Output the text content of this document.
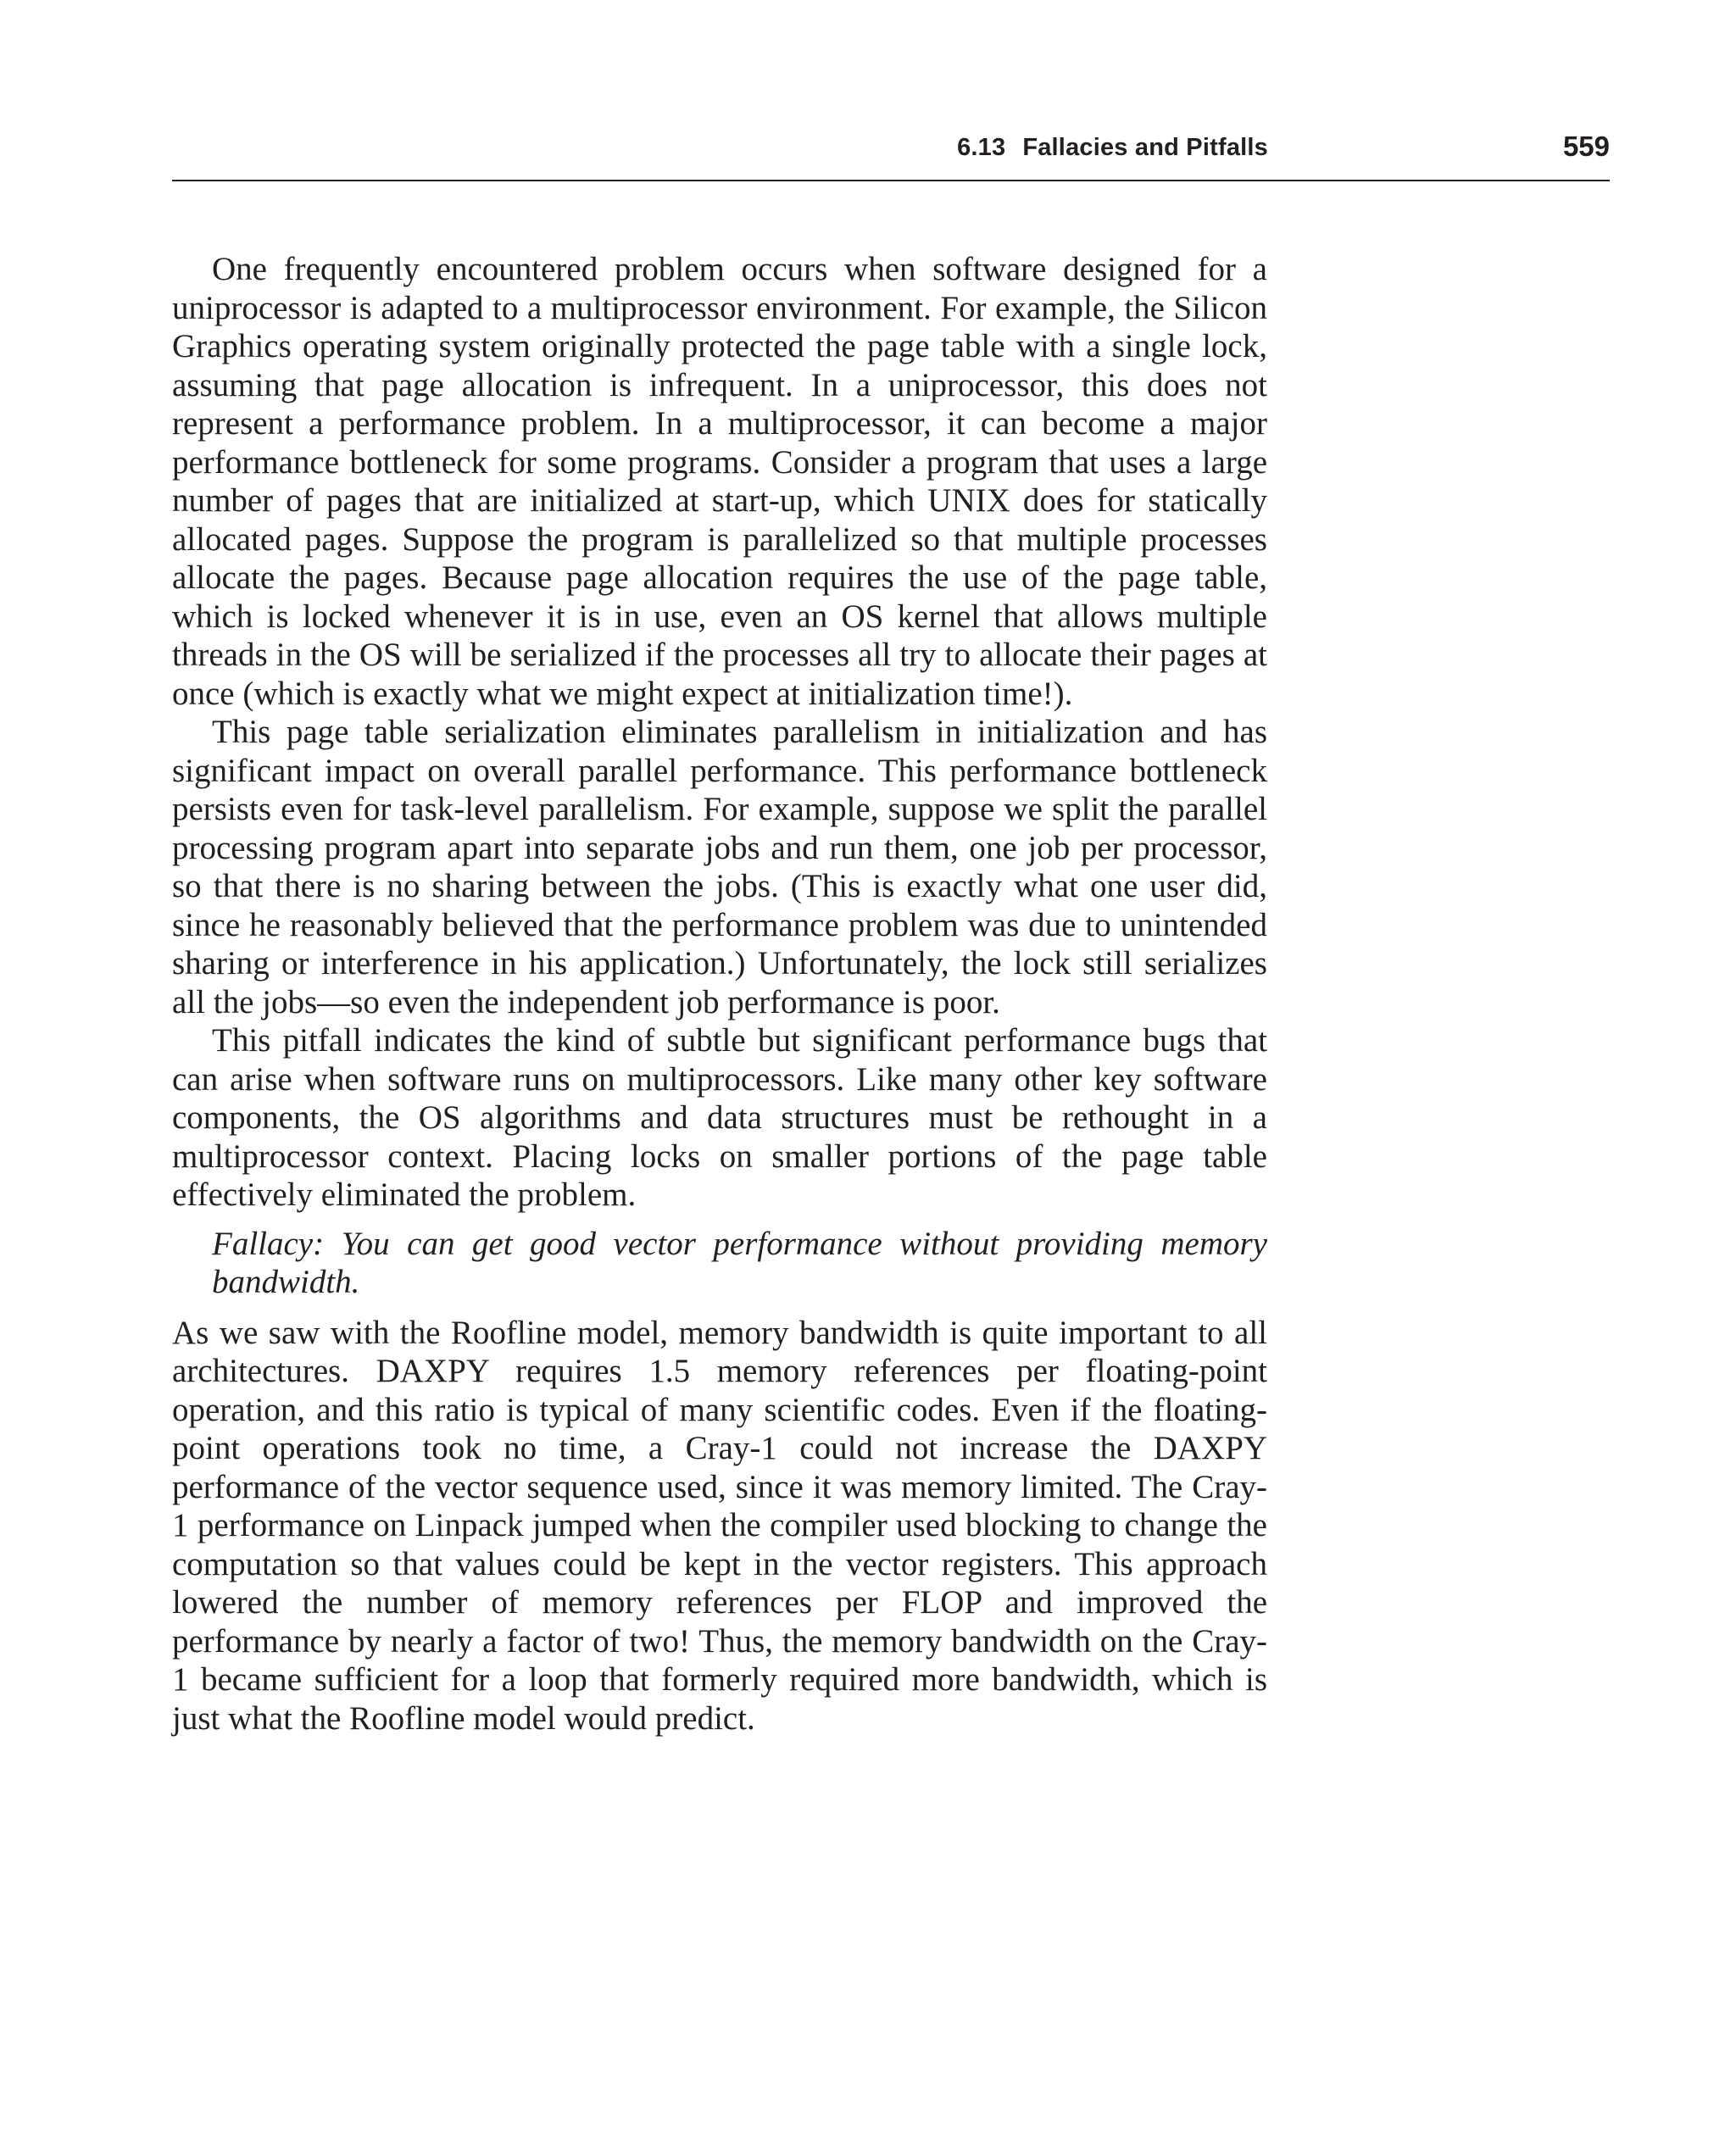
6.13 Fallacies and Pitfalls	559

One frequently encountered problem occurs when software designed for a uniprocessor is adapted to a multiprocessor environment. For example, the Silicon Graphics operating system originally protected the page table with a single lock, assuming that page allocation is infrequent. In a uniprocessor, this does not represent a performance problem. In a multiprocessor, it can become a major performance bottleneck for some programs. Consider a program that uses a large number of pages that are initialized at start-up, which UNIX does for statically allocated pages. Suppose the program is parallelized so that multiple processes allocate the pages. Because page allocation requires the use of the page table, which is locked whenever it is in use, even an OS kernel that allows multiple threads in the OS will be serialized if the processes all try to allocate their pages at once (which is exactly what we might expect at initialization time!).

This page table serialization eliminates parallelism in initialization and has significant impact on overall parallel performance. This performance bottleneck persists even for task-level parallelism. For example, suppose we split the parallel processing program apart into separate jobs and run them, one job per processor, so that there is no sharing between the jobs. (This is exactly what one user did, since he reasonably believed that the performance problem was due to unintended sharing or interference in his application.) Unfortunately, the lock still serializes all the jobs—so even the independent job performance is poor.

This pitfall indicates the kind of subtle but significant performance bugs that can arise when software runs on multiprocessors. Like many other key software components, the OS algorithms and data structures must be rethought in a multiprocessor context. Placing locks on smaller portions of the page table effectively eliminated the problem.

Fallacy: You can get good vector performance without providing memory bandwidth.

As we saw with the Roofline model, memory bandwidth is quite important to all architectures. DAXPY requires 1.5 memory references per floating-point operation, and this ratio is typical of many scientific codes. Even if the floating-point operations took no time, a Cray-1 could not increase the DAXPY performance of the vector sequence used, since it was memory limited. The Cray-1 performance on Linpack jumped when the compiler used blocking to change the computation so that values could be kept in the vector registers. This approach lowered the number of memory references per FLOP and improved the performance by nearly a factor of two! Thus, the memory bandwidth on the Cray-1 became sufficient for a loop that formerly required more bandwidth, which is just what the Roofline model would predict.
